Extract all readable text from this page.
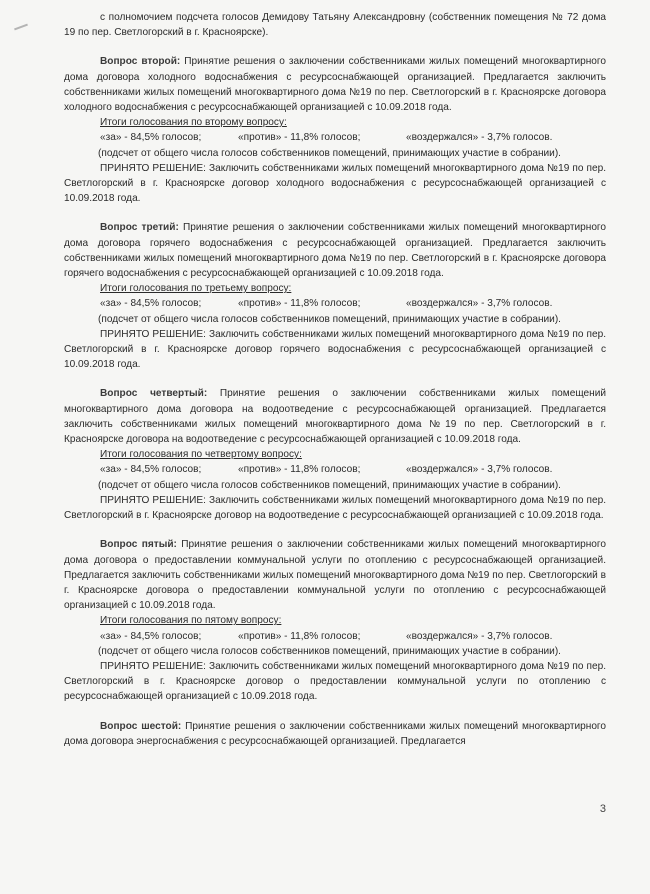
с полномочием подсчета голосов Демидову Татьяну Александровну (собственник помещения № 72 дома 19 по пер. Светлогорский в г. Красноярске).

Вопрос второй: Принятие решения о заключении собственниками жилых помещений многоквартирного дома договора холодного водоснабжения с ресурсоснабжающей организацией. Предлагается заключить собственниками жилых помещений многоквартирного дома №19 по пер. Светлогорский в г. Красноярске договора холодного водоснабжения с ресурсоснабжающей организацией с 10.09.2018 года.

Итоги голосования по второму вопросу:

«за» - 84,5% голосов;	«против» - 11,8% голосов;	«воздержался» - 3,7% голосов.

(подсчет от общего числа голосов собственников помещений, принимающих участие в собрании).

ПРИНЯТО РЕШЕНИЕ: Заключить собственниками жилых помещений многоквартирного дома №19 по пер. Светлогорский в г. Красноярске договор холодного водоснабжения с ресурсоснабжающей организацией с 10.09.2018 года.

Вопрос третий: Принятие решения о заключении собственниками жилых помещений многоквартирного дома договора горячего водоснабжения с ресурсоснабжающей организацией. Предлагается заключить собственниками жилых помещений многоквартирного дома №19 по пер. Светлогорский в г. Красноярске договора горячего водоснабжения с ресурсоснабжающей организацией с 10.09.2018 года.

Итоги голосования по третьему вопросу:

«за» - 84,5% голосов;	«против» - 11,8% голосов;	«воздержался» - 3,7% голосов.

(подсчет от общего числа голосов собственников помещений, принимающих участие в собрании).

ПРИНЯТО РЕШЕНИЕ: Заключить собственниками жилых помещений многоквартирного дома №19 по пер. Светлогорский в г. Красноярске договор горячего водоснабжения с ресурсоснабжающей организацией с 10.09.2018 года.

Вопрос четвертый: Принятие решения о заключении собственниками жилых помещений многоквартирного дома договора на водоотведение с ресурсоснабжающей организацией. Предлагается заключить собственниками жилых помещений многоквартирного дома №19 по пер. Светлогорский в г. Красноярске договора на водоотведение с ресурсоснабжающей организацией с 10.09.2018 года.

Итоги голосования по четвертому вопросу:

«за» - 84,5% голосов;	«против» - 11,8% голосов;	«воздержался» - 3,7% голосов.

(подсчет от общего числа голосов собственников помещений, принимающих участие в собрании).

ПРИНЯТО РЕШЕНИЕ: Заключить собственниками жилых помещений многоквартирного дома №19 по пер. Светлогорский в г. Красноярске договор на водоотведение с ресурсоснабжающей организацией с 10.09.2018 года.

Вопрос пятый: Принятие решения о заключении собственниками жилых помещений многоквартирного дома договора о предоставлении коммунальной услуги по отоплению с ресурсоснабжающей организацией. Предлагается заключить собственниками жилых помещений многоквартирного дома №19 по пер. Светлогорский в г. Красноярске договора о предоставлении коммунальной услуги по отоплению с ресурсоснабжающей организацией с 10.09.2018 года.

Итоги голосования по пятому вопросу:

«за» - 84,5% голосов;	«против» - 11,8% голосов;	«воздержался» - 3,7% голосов.

(подсчет от общего числа голосов собственников помещений, принимающих участие в собрании).

ПРИНЯТО РЕШЕНИЕ: Заключить собственниками жилых помещений многоквартирного дома №19 по пер. Светлогорский в г. Красноярске договор о предоставлении коммунальной услуги по отоплению с ресурсоснабжающей организацией с 10.09.2018 года.

Вопрос шестой: Принятие решения о заключении собственниками жилых помещений многоквартирного дома договора энергоснабжения с ресурсоснабжающей организацией. Предлагается

3
